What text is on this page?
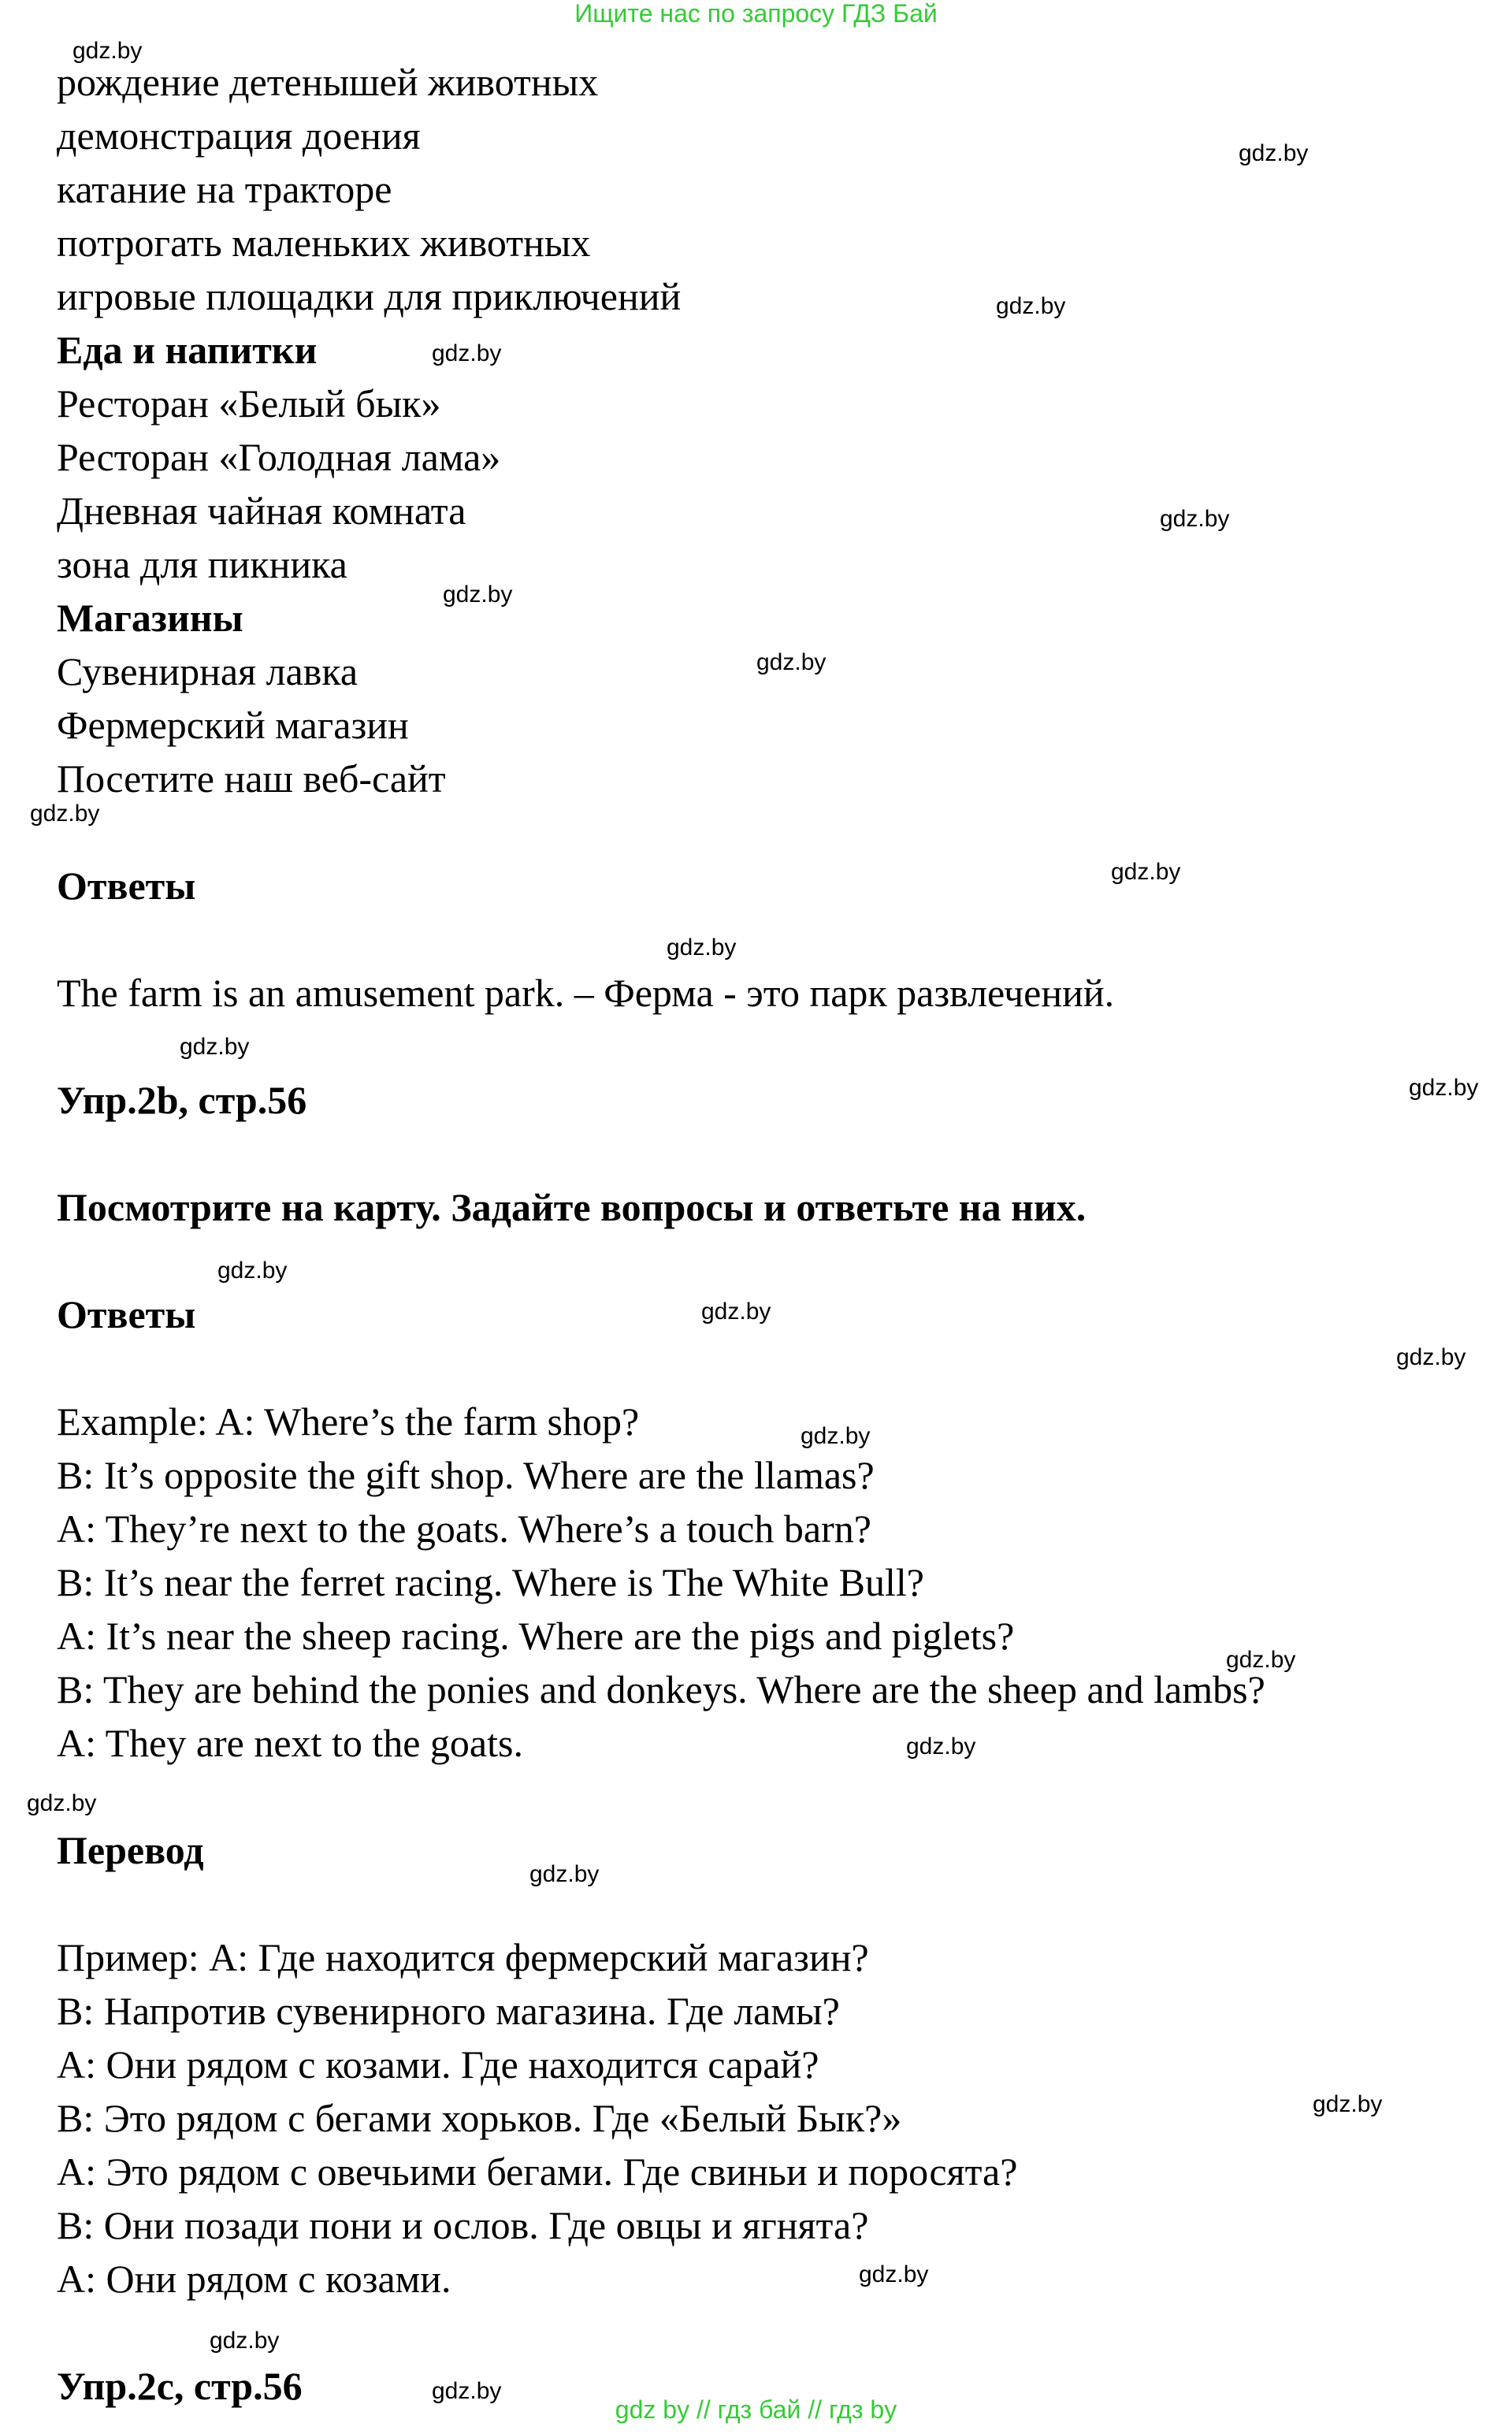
Ищите нас по запросу ГДЗ Бай

рождение детенышей животных

демонстрация доения

катание на тракторе

потрогать маленьких животных

игровые площадки для приключений

Еда и напитки

Ресторан «Белый бык»

Ресторан «Голодная лама»

Дневная чайная комната

зона для пикника

Магазины

Сувенирная лавка

Фермерский магазин

Посетите наш веб-сайт

Ответы

The farm is an amusement park. – Ферма - это парк развлечений.

Упр.2b, стр.56

Посмотрите на карту. Задайте вопросы и ответьте на них.

Ответы

Example: A: Where’s the farm shop?

B: It’s opposite the gift shop. Where are the llamas?

A: They’re next to the goats. Where’s a touch barn?

B: It’s near the ferret racing. Where is The White Bull?

A: It’s near the sheep racing. Where are the pigs and piglets?

B: They are behind the ponies and donkeys. Where are the sheep and lambs?

A: They are next to the goats.

Перевод

Пример: А: Где находится фермерский магазин?

В: Напротив сувенирного магазина. Где ламы?

А: Они рядом с козами. Где находится сарай?

В: Это рядом с бегами хорьков. Где «Белый Бык?»

А: Это рядом с овечьими бегами. Где свиньи и поросята?

В: Они позади пони и ослов. Где овцы и ягнята?

А: Они рядом с козами.

Упр.2c, стр.56

gdz.by
gdz.by
gdz.by
gdz.by
gdz.by
gdz.by
gdz.by
gdz.by
gdz.by
gdz.by
gdz.by
gdz.by
gdz.by
gdz.by
gdz.by
gdz.by
gdz.by
gdz.by
gdz.by
gdz.by
gdz.by
gdz.by
gdz.by
gdz.by
gdz by // гдз бай // гдз by
